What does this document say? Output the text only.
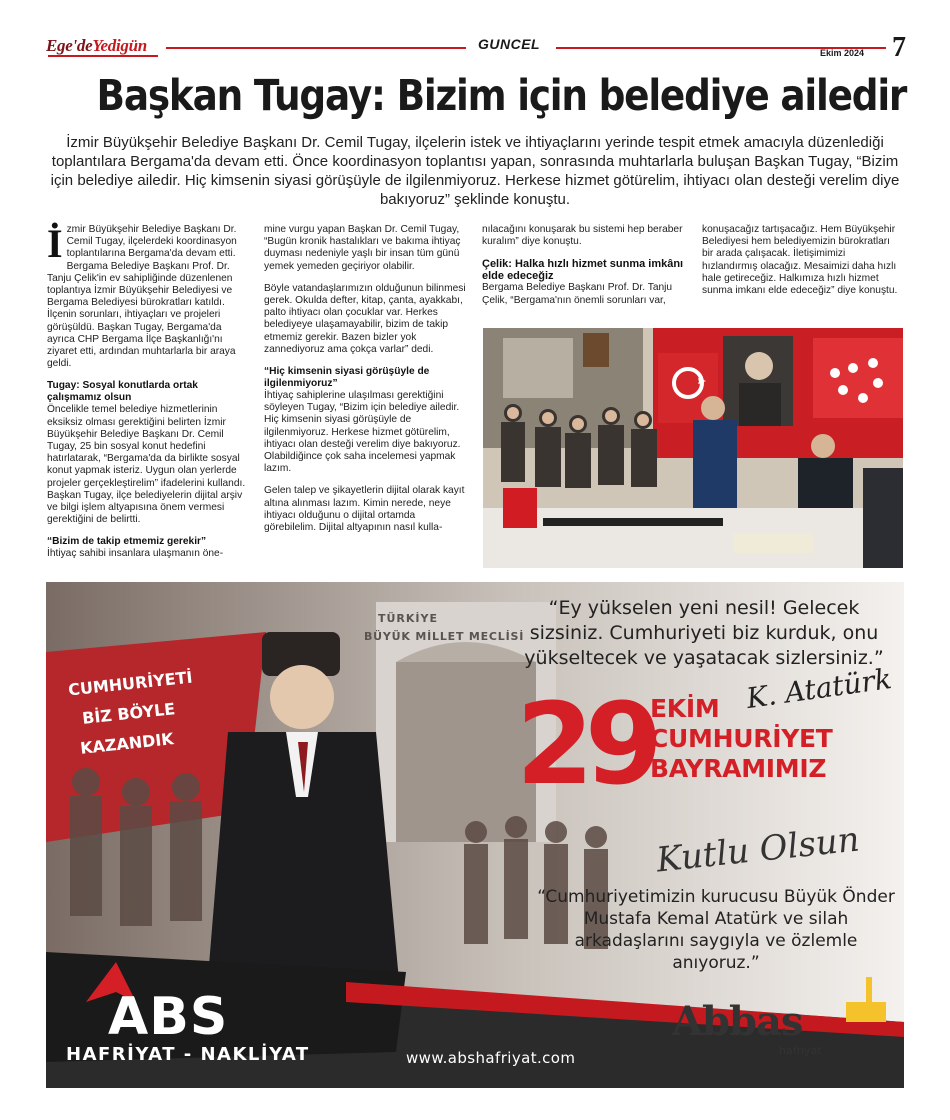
Ege'deYedigün	GUNCEL
Ekim 2024 7
Başkan Tugay: Bizim için belediye ailedir

İzmir Büyükşehir Belediye Başkanı Dr. Cemil Tugay, ilçelerin istek ve ihtiyaçlarını yerinde tespit etmek amacıyla düzenlediği toplantılara Bergama'da devam etti. Önce koordinasyon toplantısı yapan, sonrasında muhtarlarla buluşan Başkan Tugay, “Bizim için belediye ailedir. Hiç kimsenin siyasi görüşüyle de ilgilenmiyoruz. Herkese hizmet götürelim, ihtiyacı olan desteği verelim diye bakıyoruz” şeklinde konuştu.

İzmir Büyükşehir Belediye Başkanı Dr. Cemil Tugay, ilçelerdeki koordinasyon toplantılarına Bergama'da devam etti. Bergama Belediye Başkanı Prof. Dr. Tanju Çelik'in ev sahipliğinde düzenlenen toplantıya İzmir Büyükşehir Belediyesi ve Bergama Belediyesi bürokratları katıldı. İlçenin sorunları, ihtiyaçları ve projeleri görüşüldü. Başkan Tugay, Bergama'da ayrıca CHP Bergama İlçe Başkanlığı'nı ziyaret etti, ardından muhtarlarla bir araya geldi.

Tugay: Sosyal konutlarda ortak çalışmamız olsun

Öncelikle temel belediye hizmetlerinin eksiksiz olması gerektiğini belirten İzmir Büyükşehir Belediye Başkanı Dr. Cemil Tugay, 25 bin sosyal konut hedefini hatırlatarak, “Bergama'da da birlikte sosyal konut yapmak isteriz. Uygun olan yerlerde projeler gerçekleştirelim” ifadelerini kullandı. Başkan Tugay, ilçe belediyelerin dijital arşiv ve bilgi işlem altyapısına önem vermesi gerektiğini de belirtti.

“Bizim de takip etmemiz gerekir”

İhtiyaç sahibi insanlara ulaşmanın öne-

mine vurgu yapan Başkan Dr. Cemil Tugay, “Bugün kronik hastalıkları ve bakıma ihtiyaç duyması nedeniyle yaşlı bir insan tüm günü yemek yemeden geçiriyor olabilir.

Böyle vatandaşlarımızın olduğunun bilinmesi gerek. Okulda defter, kitap, çanta, ayakkabı, palto ihtiyacı olan çocuklar var. Herkes belediyeye ulaşamayabilir, bizim de takip etmemiz gerekir. Bazen bizler yok zannediyoruz ama çokça varlar” dedi.

“Hiç kimsenin siyasi görüşüyle de ilgilenmiyoruz”

İhtiyaç sahiplerine ulaşılması gerektiğini söyleyen Tugay, “Bizim için belediye ailedir. Hiç kimsenin siyasi görüşüyle de ilgilenmiyoruz. Herkese hizmet götürelim, ihtiyacı olan desteği verelim diye bakıyoruz. Olabildiğince çok saha incelemesi yapmak lazım.

Gelen talep ve şikayetlerin dijital olarak kayıt altına alınması lazım. Kimin nerede, neye ihtiyacı olduğunu o dijital ortamda görebilelim. Dijital altyapının nasıl kulla-

nılacağını konuşarak bu sistemi hep beraber kuralım” diye konuştu.

Çelik: Halka hızlı hizmet sunma imkânı elde edeceğiz

Bergama Belediye Başkanı Prof. Dr. Tanju Çelik, “Bergama'nın önemli sorunları var,

konuşacağız tartışacağız. Hem Büyükşehir Belediyesi hem belediyemizin bürokratları bir arada çalışacak. İletişimimizi hızlandırmış olacağız. Mesaimizi daha hızlı hale getireceğiz. Halkımıza hızlı hizmet sunma imkanı elde edeceğiz” diye konuştu.

TÜRKİYE
BÜYÜK MİLLET MECLİSİ
CUMHURİYETİ
BİZ BÖYLE
KAZANDIK
“Ey yükselen yeni nesil! Gelecek sizsiniz. Cumhuriyeti biz kurduk, onu yükseltecek ve yaşatacak sizlersiniz.”
K. Atatürk
29
EKİM
CUMHURİYET
BAYRAMIMIZ
Kutlu Olsun
“Cumhuriyetimizin kurucusu Büyük Önder Mustafa Kemal Atatürk ve silah arkadaşlarını saygıyla ve özlemle anıyoruz.”
ABS
HAFRİYAT - NAKLİYAT	www.abshafriyat.com
Abbas
hafriyat
